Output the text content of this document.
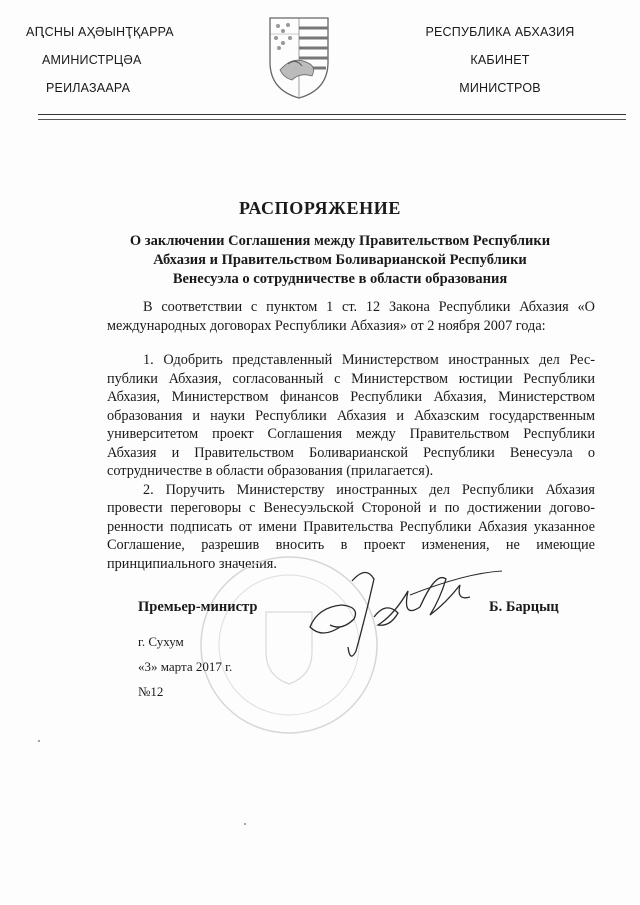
АԤСНЫ АҲӘЫНҬҚАРРА
АМИНИСТРЦӘА
РЕИЛАЗААРА
РЕСПУБЛИКА АБХАЗИЯ
КАБИНЕТ
МИНИСТРОВ
РАСПОРЯЖЕНИЕ
О заключении Соглашения между Правительством Республики
Абхазия и Правительством Боливарианской Республики
Венесуэла о сотрудничестве в области образования
В соответствии с пунктом 1 ст. 12 Закона Республики Абхазия «О международных договорах Республики Абхазия» от 2 ноября 2007 года:

1. Одобрить представленный Министерством иностранных дел Республики Абхазия, согласованный с Министерством юстиции Республики Абхазия, Министерством финансов Республики Абхазия, Министерством образования и науки Республики Абхазия и Абхазским государственным университетом проект Соглашения между Правительством Республики Абхазия и Правительством Боливарианской Республики Венесуэла о сотрудничестве в области образования (прилагается).

2. Поручить Министерству иностранных дел Республики Абхазия провести переговоры с Венесуэльской Стороной и по достижении договоренности подписать от имени Правительства Республики Абхазия указанное Соглашение, разрешив вносить в проект изменения, не имеющие принципиального значения.

Премьер-министр	Б. Барцыц
г. Сухум
«3» марта 2017 г.
№12
